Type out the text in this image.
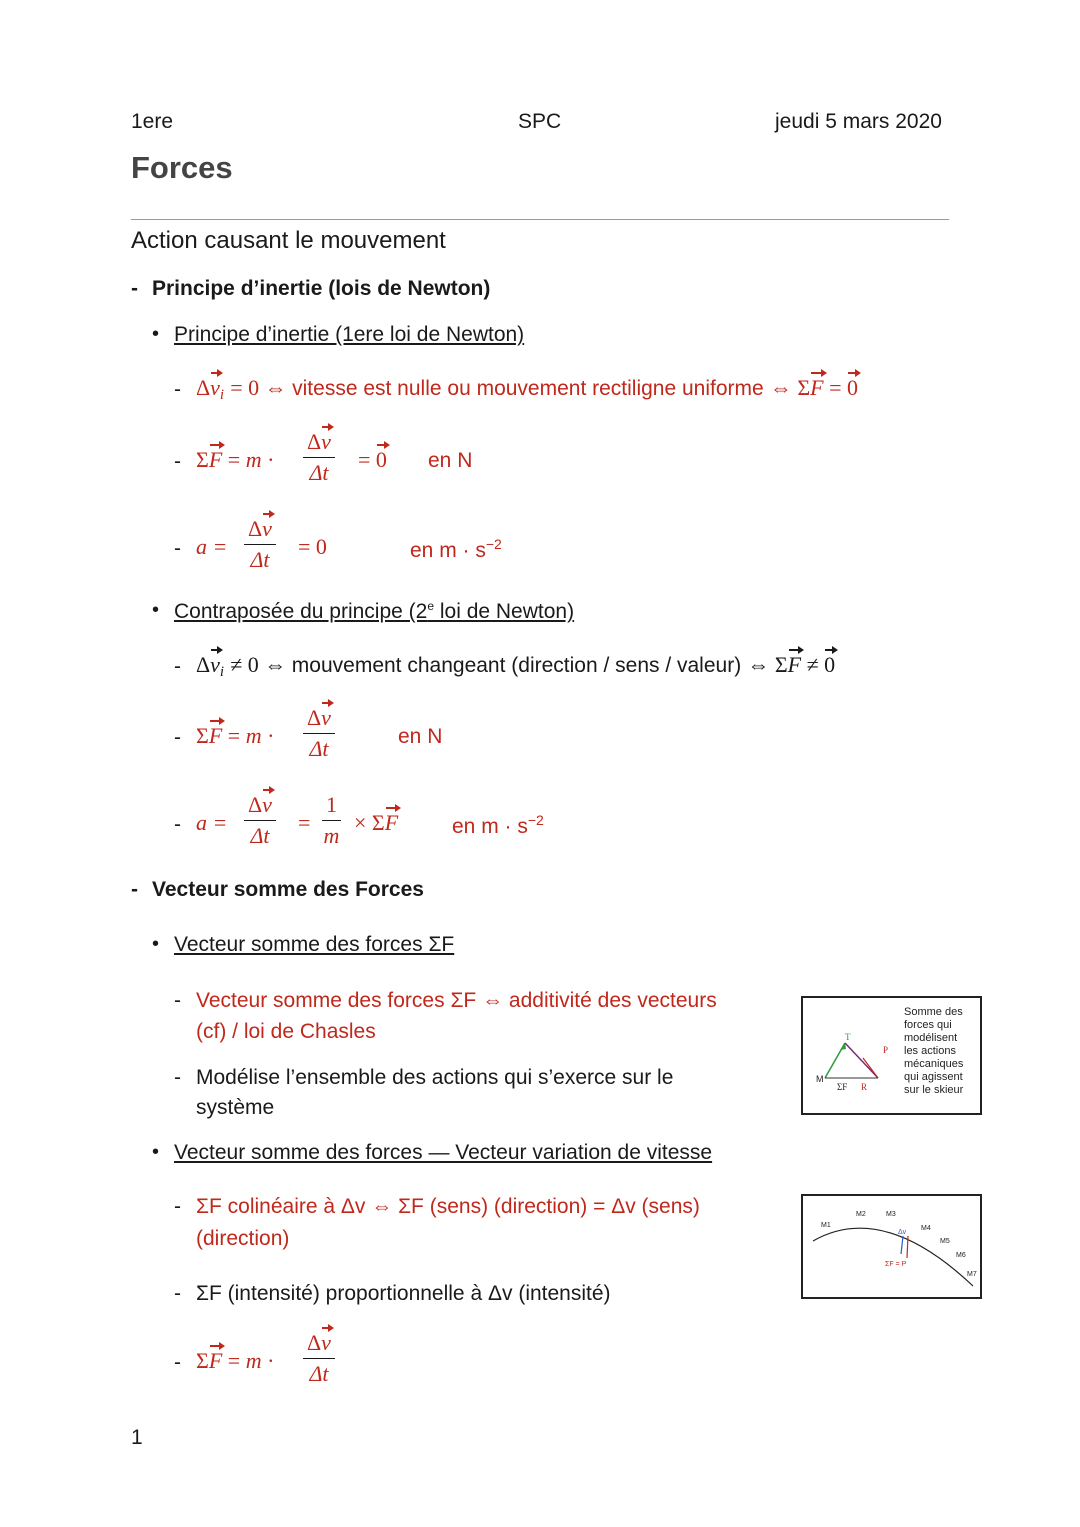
1ere	SPC	jeudi 5 mars 2020
Forces
Action causant le mouvement
- Principe d’inertie (lois de Newton)
• Principe d’inertie (1ere loi de Newton)
- Δvi = 0 ⇔ vitesse est nulle ou mouvement rectiligne uniforme ⇔ ΣF = 0
- $\Sigma F = m \cdot \frac{\Delta v}{\Delta t} = 0$ en N
- $a = \frac{\Delta v}{\Delta t} = 0$	en $m \cdot s^{-2}$
• Contraposée du principe (2e loi de Newton)
- Δvi ≠ 0 ⇔ mouvement changeant (direction / sens / valeur) ⇔ ΣF ≠ 0
- $\Sigma F = m \cdot \frac{\Delta v}{\Delta t}$	en N
- $a = \frac{\Delta v}{\Delta t} = \frac{1}{m} \times \Sigma F$	en $m \cdot s^{-2}$
- Vecteur somme des Forces
• Vecteur somme des forces ΣF
- Vecteur somme des forces ΣF ⇔ additivité des vecteurs
(cf) / loi de Chasles
- Modélise l’ensemble des actions qui s’exerce sur le
système
M
T
P
ΣF R
Somme des
forces qui
modélisent
les actions
mécaniques
qui agissent
sur le skieur
• Vecteur somme des forces — Vecteur variation de vitesse
- ΣF colinéaire à Δv ⇔ ΣF (sens) (direction) = Δv (sens)
(direction)
- ΣF (intensité) proportionnelle à Δv (intensité)
- $\Sigma F = m \cdot \frac{\Delta v}{\Delta t}$
M1
M2	M3
M4
M5
M6
M7
Δv
ΣF = P
1
